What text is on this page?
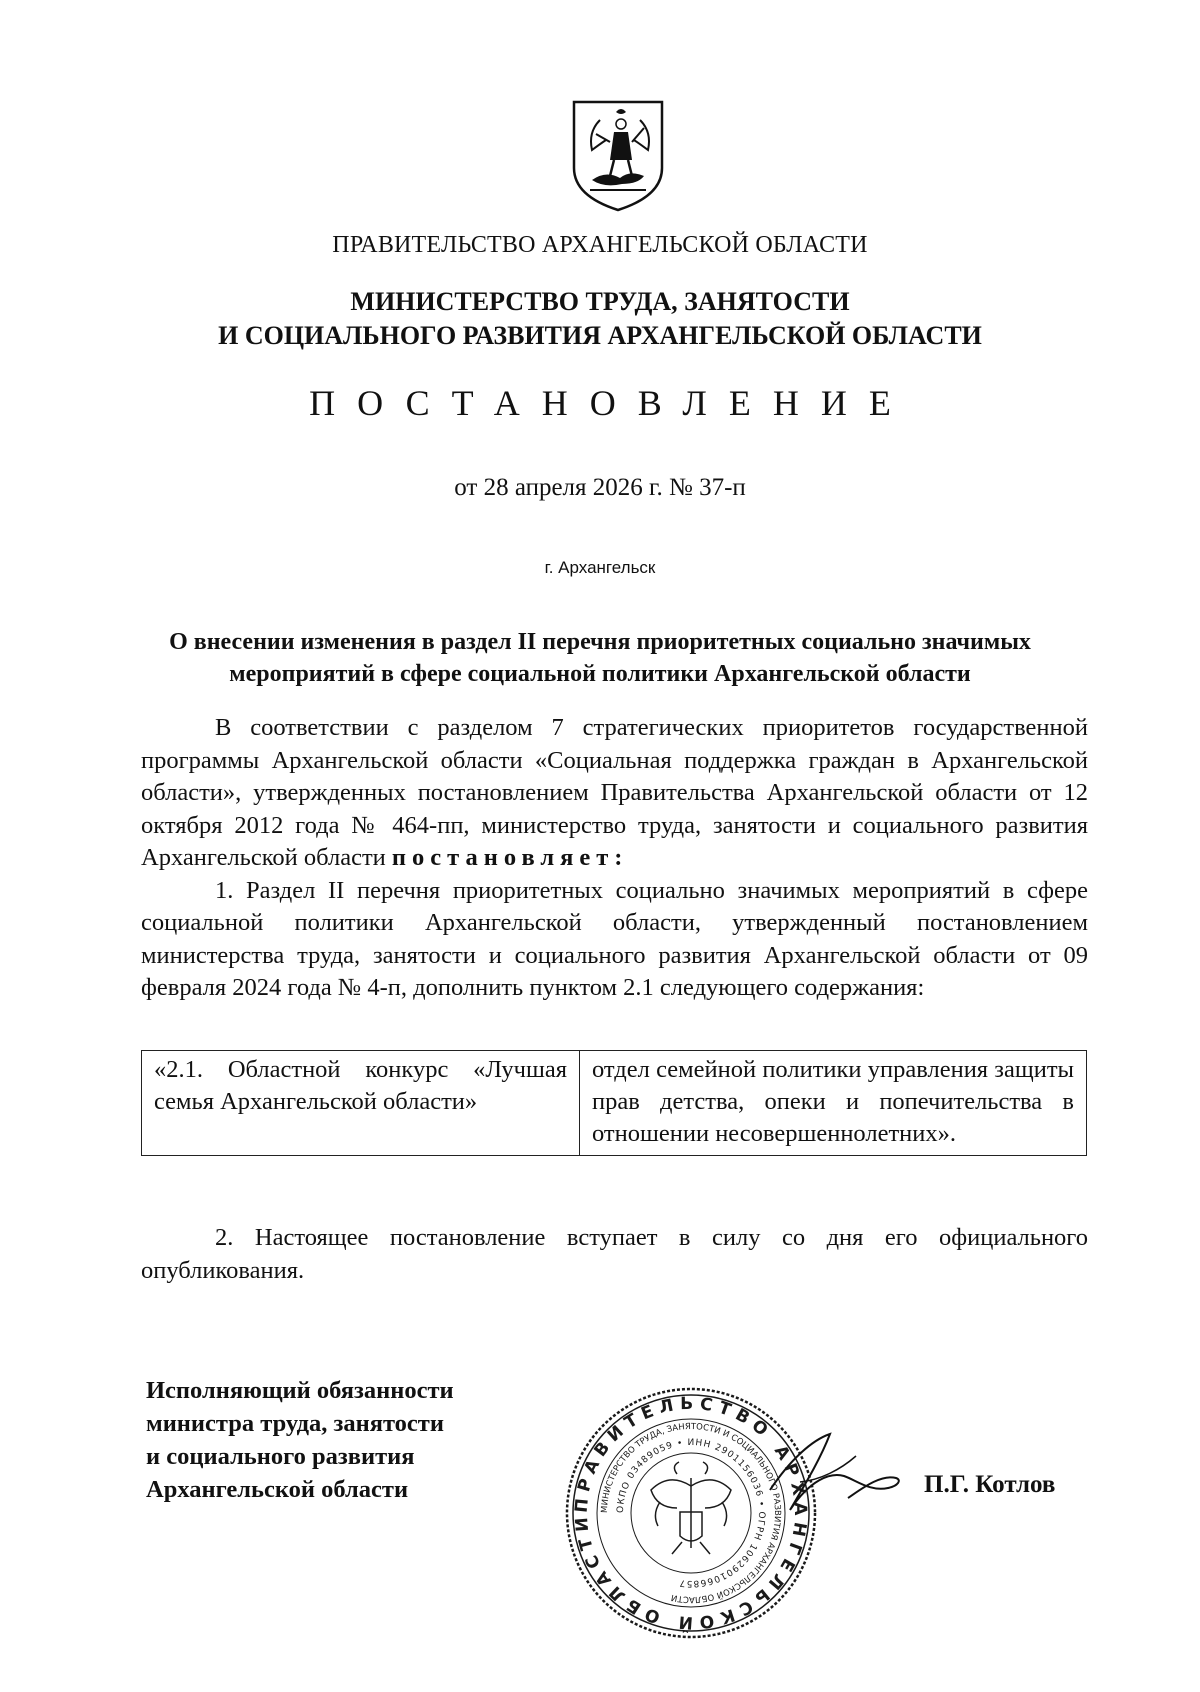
ПРАВИТЕЛЬСТВО АРХАНГЕЛЬСКОЙ ОБЛАСТИ
МИНИСТЕРСТВО ТРУДА, ЗАНЯТОСТИ
И СОЦИАЛЬНОГО РАЗВИТИЯ АРХАНГЕЛЬСКОЙ ОБЛАСТИ
ПОСТАНОВЛЕНИЕ
от 28 апреля 2026 г. № 37-п
г. Архангельск
О внесении изменения в раздел II перечня приоритетных социально значимых
мероприятий в сфере социальной политики Архангельской области

В соответствии с разделом 7 стратегических приоритетов государственной программы Архангельской области «Социальная поддержка граждан в Архангельской области», утвержденных постановлением Правительства Архангельской области от 12 октября 2012 года № 464-пп, министерство труда, занятости и социального развития Архангельской области постановляет:

1. Раздел II перечня приоритетных социально значимых мероприятий в сфере социальной политики Архангельской области, утвержденный постановлением министерства труда, занятости и социального развития Архангельской области от 09 февраля 2024 года № 4-п, дополнить пунктом 2.1 следующего содержания:

«2.1. Областной конкурс «Лучшая семья Архангельской области»	отдел семейной политики управления защиты прав детства, опеки и попечительства в отношении несовершеннолетних».

2. Настоящее постановление вступает в силу со дня его официального опубликования.

Исполняющий обязанности
министра труда, занятости
и социального развития
Архангельской области	ПРАВИТЕЛЬСТВО АРХАНГЕЛЬСКОЙ ОБЛАСТИ
МИНИСТЕРСТВО ТРУДА, ЗАНЯТОСТИ И СОЦИАЛЬНОГО РАЗВИТИЯ АРХАНГЕЛЬСКОЙ ОБЛАСТИ
ОКПО 03489059 • ИНН 2901156036 • ОГРН 1062901066857
П.Г. Котлов
